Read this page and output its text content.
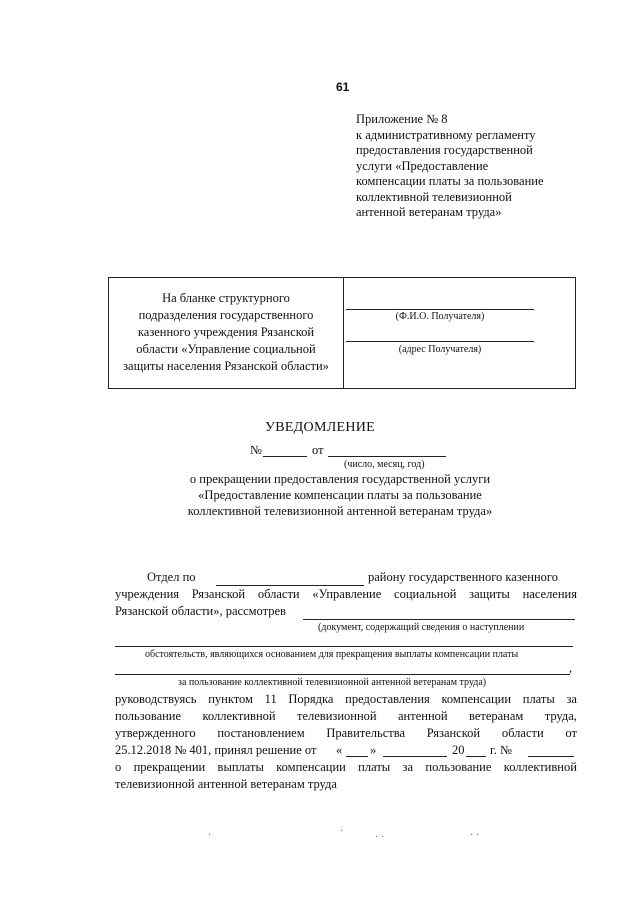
61
Приложение № 8
к административному регламенту
предоставления государственной
услуги «Предоставление
компенсации платы за пользование
коллективной телевизионной
антенной ветеранам труда»
На бланке структурного
подразделения государственного
казенного учреждения Рязанской
области «Управление социальной
защиты населения Рязанской области»
(Ф.И.О. Получателя)
(адрес Получателя)
УВЕДОМЛЕНИЕ
№	от
(число, месяц, год)
о прекращении предоставления государственной услуги
«Предоставление компенсации платы за пользование
коллективной телевизионной антенной ветеранам труда»
Отдел по	району государственного казенного
учреждения Рязанской области «Управление социальной защиты населения
Рязанской области», рассмотрев
(документ, содержащий сведения о наступлении
обстоятельств, являющихся основанием для прекращения выплаты компенсации платы
,
за пользование коллективной телевизионной антенной ветеранам труда)
руководствуясь пунктом 11 Порядка предоставления компенсации платы за
пользование коллективной телевизионной антенной ветеранам труда,
утвержденного постановлением Правительства Рязанской области от
25.12.2018 № 401, принял решение от « »	20 г. №
о прекращении выплаты компенсации платы за пользование коллективной
телевизионной антенной ветеранам труда
·	·
· ·	· ·
